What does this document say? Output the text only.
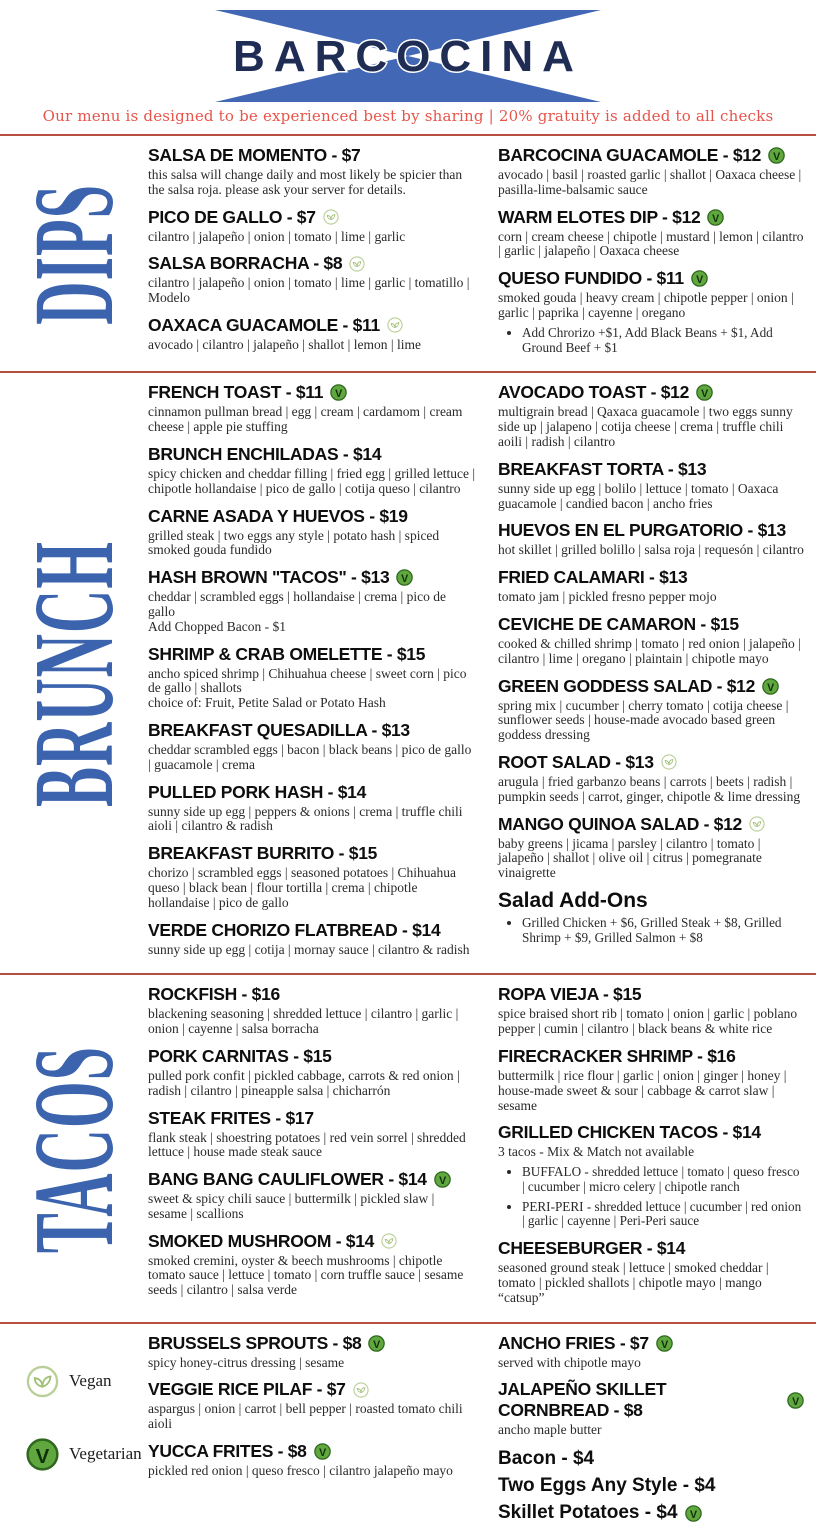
BARCOCINA
Our menu is designed to be experienced best by sharing | 20% gratuity is added to all checks
DIPS
SALSA DE MOMENTO - $7

this salsa will change daily and most likely be spicier than the salsa roja. please ask your server for details.

PICO DE GALLO - $7

cilantro | jalapeño | onion | tomato | lime | garlic

SALSA BORRACHA - $8

cilantro | jalapeño | onion | tomato | lime | garlic | tomatillo | Modelo

OAXACA GUACAMOLE - $11

avocado | cilantro | jalapeño | shallot | lemon | lime

BARCOCINA GUACAMOLE - $12 V

avocado | basil | roasted garlic | shallot | Oaxaca cheese | pasilla-lime-balsamic sauce

WARM ELOTES DIP - $12 V

corn | cream cheese | chipotle | mustard | lemon | cilantro | garlic | jalapeño | Oaxaca cheese

QUESO FUNDIDO - $11 V

smoked gouda | heavy cream | chipotle pepper | onion | garlic | paprika | cayenne | oregano

• Add Chrorizo +$1, Add Black Beans + $1, Add Ground Beef + $1
BRUNCH
FRENCH TOAST - $11 V

cinnamon pullman bread | egg | cream | cardamom | cream cheese | apple pie stuffing

BRUNCH ENCHILADAS - $14

spicy chicken and cheddar filling | fried egg | grilled lettuce | chipotle hollandaise | pico de gallo | cotija queso | cilantro

CARNE ASADA Y HUEVOS - $19

grilled steak | two eggs any style | potato hash | spiced smoked gouda fundido

HASH BROWN "TACOS" - $13 V

cheddar | scrambled eggs | hollandaise | crema | pico de gallo

Add Chopped Bacon - $1

SHRIMP & CRAB OMELETTE - $15

ancho spiced shrimp | Chihuahua cheese | sweet corn | pico de gallo | shallots

choice of: Fruit, Petite Salad or Potato Hash

BREAKFAST QUESADILLA - $13

cheddar scrambled eggs | bacon | black beans | pico de gallo | guacamole | crema

PULLED PORK HASH - $14

sunny side up egg | peppers & onions | crema | truffle chili aioli | cilantro & radish

BREAKFAST BURRITO - $15

chorizo | scrambled eggs | seasoned potatoes | Chihuahua queso | black bean | flour tortilla | crema | chipotle hollandaise | pico de gallo

VERDE CHORIZO FLATBREAD - $14

sunny side up egg | cotija | mornay sauce | cilantro & radish

AVOCADO TOAST - $12 V

multigrain bread | Qaxaca guacamole | two eggs sunny side up | jalapeno | cotija cheese | crema | truffle chili aoili | radish | cilantro

BREAKFAST TORTA - $13

sunny side up egg | bolilo | lettuce | tomato | Oaxaca guacamole | candied bacon | ancho fries

HUEVOS EN EL PURGATORIO - $13

hot skillet | grilled bolillo | salsa roja | requesón | cilantro

FRIED CALAMARI - $13

tomato jam | pickled fresno pepper mojo

CEVICHE DE CAMARON - $15

cooked & chilled shrimp | tomato | red onion | jalapeño | cilantro | lime | oregano | plaintain | chipotle mayo

GREEN GODDESS SALAD - $12 V

spring mix | cucumber | cherry tomato | cotija cheese | sunflower seeds | house-made avocado based green goddess dressing

ROOT SALAD - $13

arugula | fried garbanzo beans | carrots | beets | radish | pumpkin seeds | carrot, ginger, chipotle & lime dressing

MANGO QUINOA SALAD - $12

baby greens | jicama | parsley | cilantro | tomato | jalapeño | shallot | olive oil | citrus | pomegranate vinaigrette

Salad Add-Ons
• Grilled Chicken + $6, Grilled Steak + $8, Grilled Shrimp + $9, Grilled Salmon + $8
TACOS
ROCKFISH - $16

blackening seasoning | shredded lettuce | cilantro | garlic | onion | cayenne | salsa borracha

PORK CARNITAS - $15

pulled pork confit | pickled cabbage, carrots & red onion | radish | cilantro | pineapple salsa | chicharrón

STEAK FRITES - $17

flank steak | shoestring potatoes | red vein sorrel | shredded lettuce | house made steak sauce

BANG BANG CAULIFLOWER - $14 V

sweet & spicy chili sauce | buttermilk | pickled slaw | sesame | scallions

SMOKED MUSHROOM - $14

smoked cremini, oyster & beech mushrooms | chipotle tomato sauce | lettuce | tomato | corn truffle sauce | sesame seeds | cilantro | salsa verde

ROPA VIEJA - $15

spice braised short rib | tomato | onion | garlic | poblano pepper | cumin | cilantro | black beans & white rice

FIRECRACKER SHRIMP - $16

buttermilk | rice flour | garlic | onion | ginger | honey | house-made sweet & sour | cabbage & carrot slaw | sesame

GRILLED CHICKEN TACOS - $14

3 tacos - Mix & Match not available

• BUFFALO - shredded lettuce | tomato | queso fresco | cucumber | micro celery | chipotle ranch
• PERI-PERI - shredded lettuce | cucumber | red onion | garlic | cayenne | Peri-Peri sauce
CHEESEBURGER - $14

seasoned ground steak | lettuce | smoked cheddar | tomato | pickled shallots | chipotle mayo | mango “catsup”

Vegan
V Vegetarian
BRUSSELS SPROUTS - $8 V

spicy honey-citrus dressing | sesame

VEGGIE RICE PILAF - $7

aspargus | onion | carrot | bell pepper | roasted tomato chili aioli

YUCCA FRITES - $8 V

pickled red onion | queso fresco | cilantro jalapeño mayo

ANCHO FRIES - $7 V

served with chipotle mayo

JALAPEÑO SKILLET CORNBREAD - $8	V

ancho maple butter

Bacon - $4
Two Eggs Any Style - $4
Skillet Potatoes - $4 V
